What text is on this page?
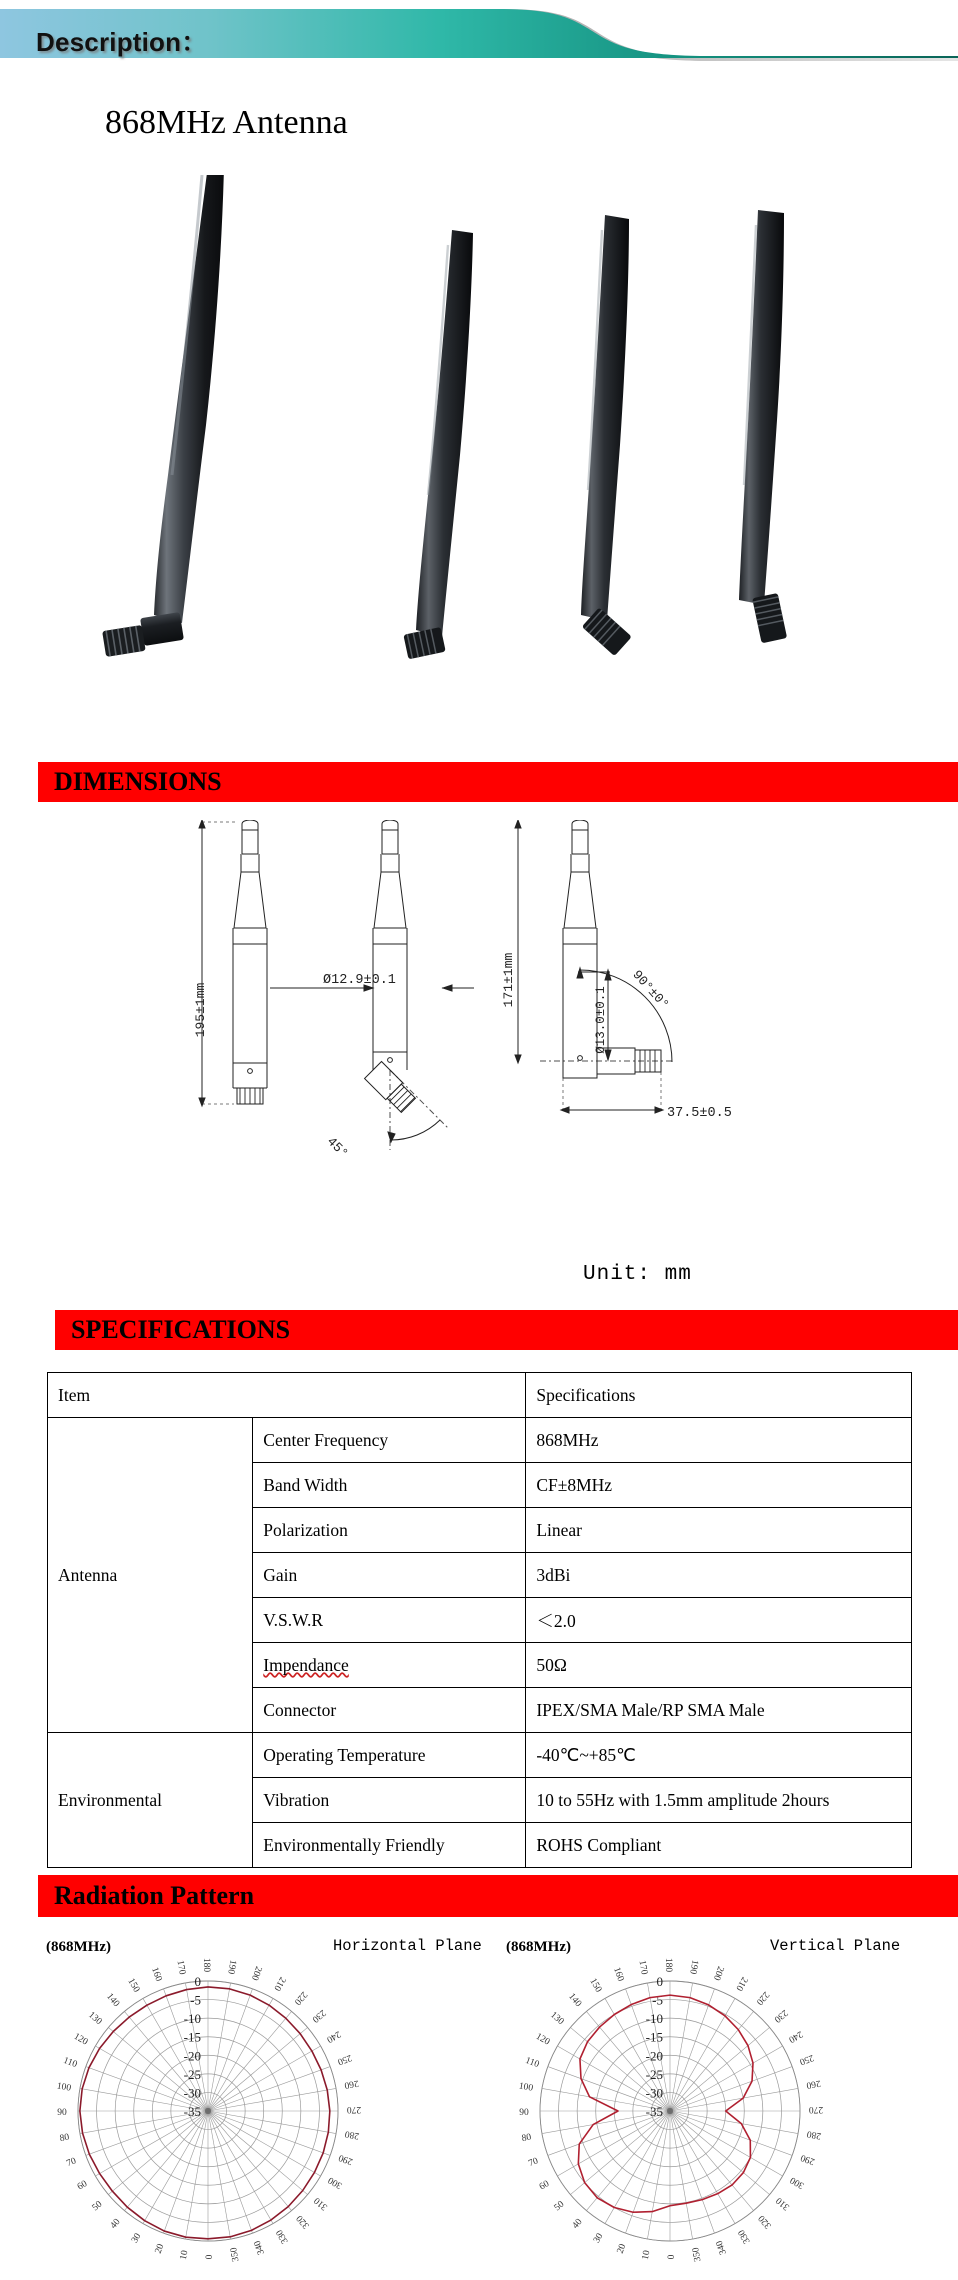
Description：
868MHz Antenna
DIMENSIONS
195±1mm
45°
Ø12.9±0.1	171±1mm
Ø13.0±0.1 90°±0°
37.5±0.5
Unit: mm
SPECIFICATIONS
Item		Specifications
Antenna	Center Frequency	868MHz
	Band Width	CF±8MHz
	Polarization	Linear
	Gain	3dBi
	V.S.W.R	＜2.0
	Impendance	50Ω
	Connector	IPEX/SMA Male/RP SMA Male
Environmental	Operating Temperature	-40℃~+85℃
	Vibration	10 to 55Hz with 1.5mm amplitude 2hours
	Environmentally Friendly	ROHS Compliant
Radiation Pattern
(868MHz)	Horizontal Plane
0
10
20
30
40
50
60
70
80
90
100
110
120
130
140
150
160 170 180 190 200
210
220
230
240
250
260
270
280
290
300
310
320
330
340
350
0
-5
-10
-15
-20
-25
-30
-35
(868MHz)	Vertical Plane
0
10
20
30
40
50
60
70
80
90
100
110
120
130
140
150
160 170 180 190 200
210
220
230
240
250
260
270
280
290
300
310
320
330
340
350
0
-5
-10
-15
-20
-25
-30
-35
